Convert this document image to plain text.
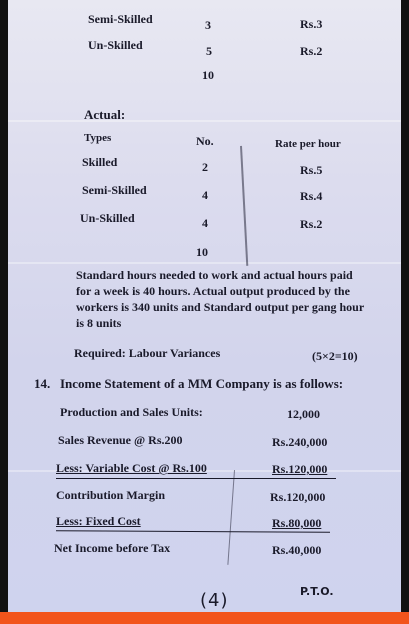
Semi-Skilled	3	Rs.3
Un-Skilled	5	Rs.2
10
Actual:
Types	No.	Rate per hour
Skilled	2	Rs.5
Semi-Skilled	4	Rs.4
Un-Skilled	4	Rs.2
10
Standard hours needed to work and actual hours paid
for a week is 40 hours. Actual output produced by the
workers is 340 units and Standard output per gang hour
is 8 units
Required: Labour Variances	(5×2=10)
14. Income Statement of a MM Company is as follows:
Production and Sales Units:	12,000
Sales Revenue @ Rs.200	Rs.240,000
Less: Variable Cost @ Rs.100	Rs.120,000
Contribution Margin	Rs.120,000
Less: Fixed Cost	Rs.80,000
Net Income before Tax	Rs.40,000
(4)	P.T.O.
